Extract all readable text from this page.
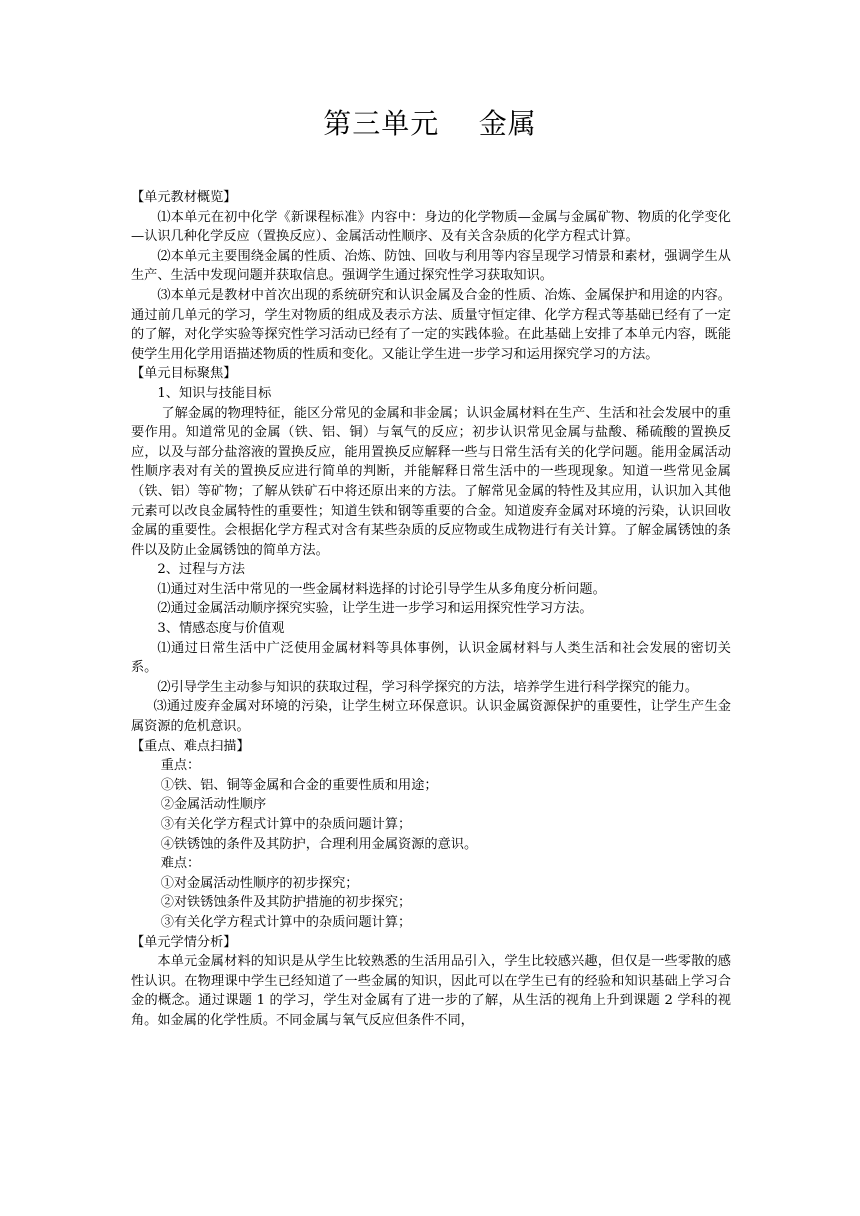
第三单元    金属

【单元教材概览】

⑴本单元在初中化学《新课程标准》内容中：身边的化学物质—金属与金属矿物、物质的化学变化—认识几种化学反应（置换反应）、金属活动性顺序、及有关含杂质的化学方程式计算。

⑵本单元主要围绕金属的性质、冶炼、防蚀、回收与利用等内容呈现学习情景和素材，强调学生从生产、生活中发现问题并获取信息。强调学生通过探究性学习获取知识。

⑶本单元是教材中首次出现的系统研究和认识金属及合金的性质、冶炼、金属保护和用途的内容。通过前几单元的学习，学生对物质的组成及表示方法、质量守恒定律、化学方程式等基础已经有了一定的了解，对化学实验等探究性学习活动已经有了一定的实践体验。在此基础上安排了本单元内容，既能使学生用化学用语描述物质的性质和变化。又能让学生进一步学习和运用探究学习的方法。

【单元目标聚焦】

1、知识与技能目标

了解金属的物理特征，能区分常见的金属和非金属；认识金属材料在生产、生活和社会发展中的重要作用。知道常见的金属（铁、铝、铜）与氧气的反应；初步认识常见金属与盐酸、稀硫酸的置换反应，以及与部分盐溶液的置换反应，能用置换反应解释一些与日常生活有关的化学问题。能用金属活动性顺序表对有关的置换反应进行简单的判断，并能解释日常生活中的一些现现象。知道一些常见金属（铁、铝）等矿物；了解从铁矿石中将还原出来的方法。了解常见金属的特性及其应用，认识加入其他元素可以改良金属特性的重要性；知道生铁和钢等重要的合金。知道废弃金属对环境的污染，认识回收金属的重要性。会根据化学方程式对含有某些杂质的反应物或生成物进行有关计算。了解金属锈蚀的条件以及防止金属锈蚀的简单方法。

2、过程与方法

⑴通过对生活中常见的一些金属材料选择的讨论引导学生从多角度分析问题。

⑵通过金属活动顺序探究实验，让学生进一步学习和运用探究性学习方法。

3、情感态度与价值观

⑴通过日常生活中广泛使用金属材料等具体事例，认识金属材料与人类生活和社会发展的密切关系。

⑵引导学生主动参与知识的获取过程，学习科学探究的方法，培养学生进行科学探究的能力。

⑶通过废弃金属对环境的污染，让学生树立环保意识。认识金属资源保护的重要性，让学生产生金属资源的危机意识。

【重点、难点扫描】

重点：

①铁、铝、铜等金属和合金的重要性质和用途；

②金属活动性顺序

③有关化学方程式计算中的杂质问题计算；

④铁锈蚀的条件及其防护，合理利用金属资源的意识。

难点：

①对金属活动性顺序的初步探究；

②对铁锈蚀条件及其防护措施的初步探究；

③有关化学方程式计算中的杂质问题计算；

【单元学情分析】

本单元金属材料的知识是从学生比较熟悉的生活用品引入，学生比较感兴趣，但仅是一些零散的感性认识。在物理课中学生已经知道了一些金属的知识，因此可以在学生已有的经验和知识基础上学习合金的概念。通过课题 1 的学习，学生对金属有了进一步的了解，从生活的视角上升到课题 2 学科的视角。如金属的化学性质。不同金属与氧气反应但条件不同，
